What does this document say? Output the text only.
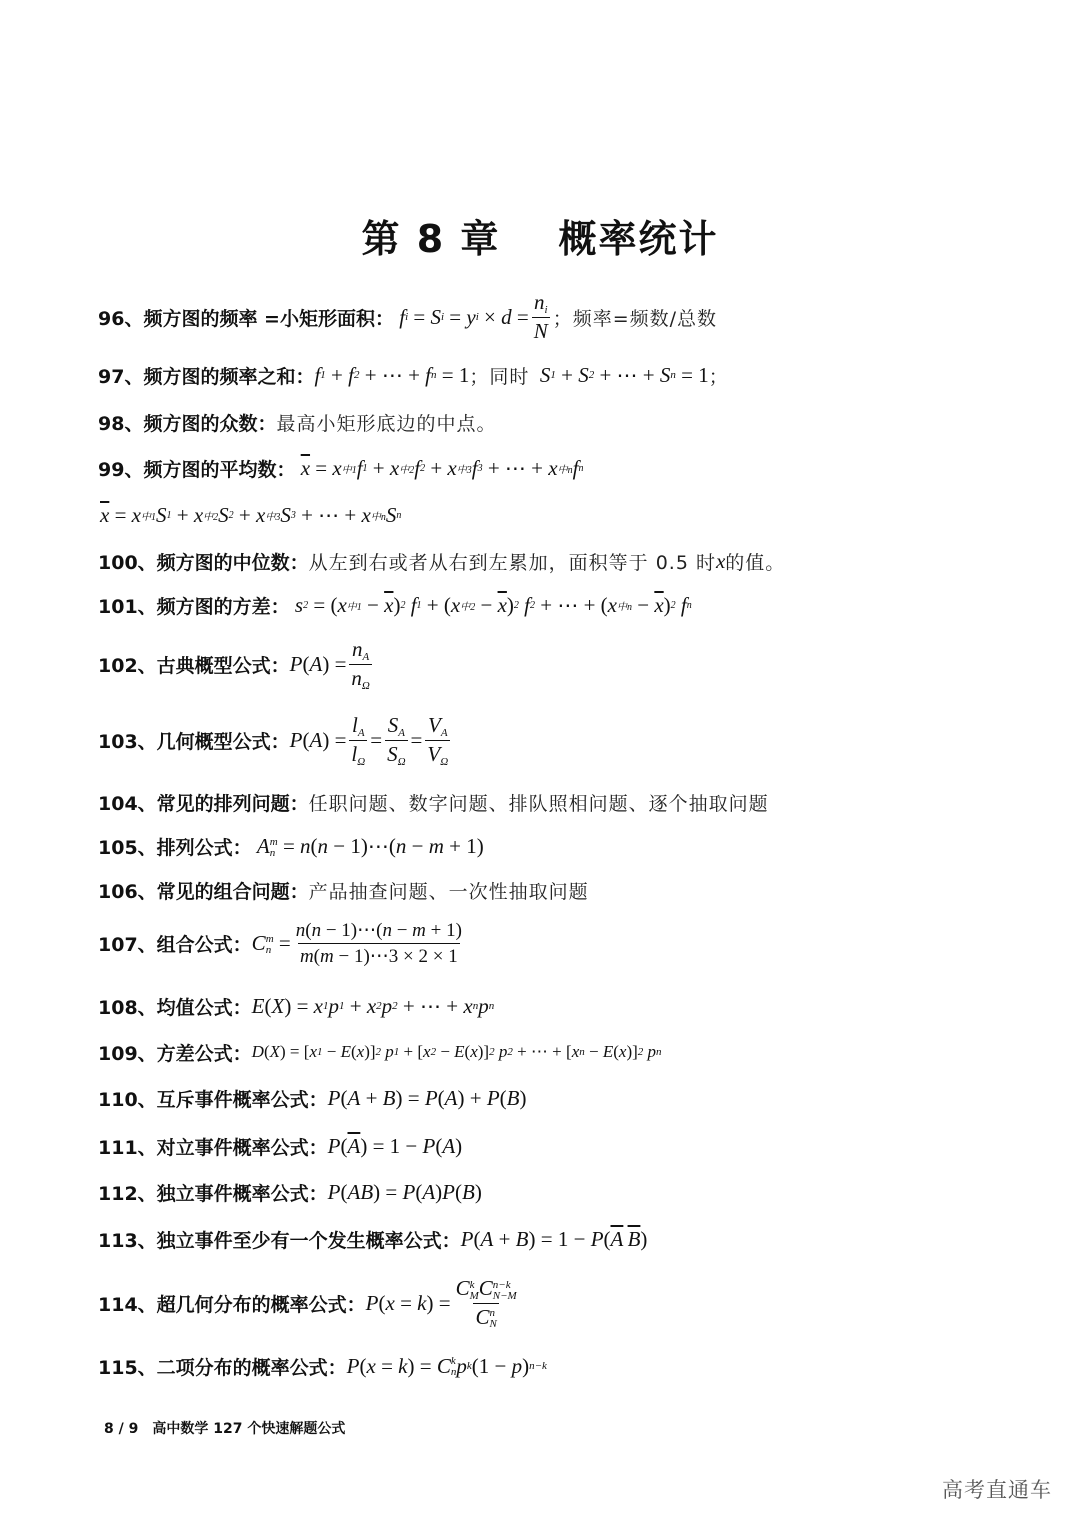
第 8 章 概率统计
96、频方图的频率 =小矩形面积：
f i = S i = y $i \times d = \frac{n_i}{N}$ ；频率=频数/总数
97、频方图的频率之和： f 1 + f 2 + ⋯ + f n = 1 ；同时
S 1 + S 2 + ⋯ + S n = 1 ；
98、频方图的众数： 最高小矩形底边的中点。
99、频方图的平均数：
$\overline{x} = x$ 中1 f 1 + x 中2 f 2 + x 中3 f 3 + ⋯ + x 中n f n
$\overline{x} = x$ 中1 S 1 + x 中2 S 2 + x 中3 S 3 + ⋯ + x 中n S n
100、频方图的中位数： 从左到右或者从右到左累加，面积等于 0.5 时 x 的值。
101、频方图的方差：
s 2 = ( x 中$1 - \overline{x}$ ) 2
f 1 + ( x 中$2 - \overline{x}$ ) 2
f 2 + ⋯ + ( x 中$n - \overline{x}$ ) 2
f n
102、古典概型公式： P ( A ) = $\frac{n_A}{n_\Omega}$
103、几何概型公式： P ( A ) = $\frac{l_A}{l_\Omega} = \frac{S_A}{S_\Omega} = \frac{V_A}{V_\Omega}$
104、常见的排列问题： 任职问题、数字问题、排队照相问题、逐个抽取问题
105、排列公式：
A m
n = n ( n − 1)⋯( n − m + 1)
106、常见的组合问题： 产品抽查问题、一次性抽取问题
107、组合公式： C m
$n = \frac{n(n - 1)\cdots(n - m + 1)}{m(m - 1)\cdots 3 \times 2 \times 1}$
108、均值公式： E ( X ) = x 1 p 1 + x 2 p 2 + ⋯ + x n p n
109、方差公式： D ( X ) = [ x 1 − E ( x )] 2
p 1 + [ x 2 − E ( x )] 2
p 2 + ⋯ + [ x n − E ( x )] 2
p n
110、互斥事件概率公式： P ( A + B ) = P ( A ) + P ( B )
111、对立事件概率公式： P ( $\overline{A}$ ) = 1 − P ( A )
112、独立事件概率公式： P ( AB ) = P ( A ) P ( B )
113、独立事件至少有一个发生概率公式： P ( A + B ) = 1 − P ( $\overline{A}$
  $\overline{B}$ )
114、超几何分布的概率公式： P ( x = k ) = C k
M C n−k
N−M
C n
N
115、二项分布的概率公式： P ( x = k ) = C k
n p k (1 − p ) n−k
8 / 9 高中数学 127 个快速解题公式
高考直通车
